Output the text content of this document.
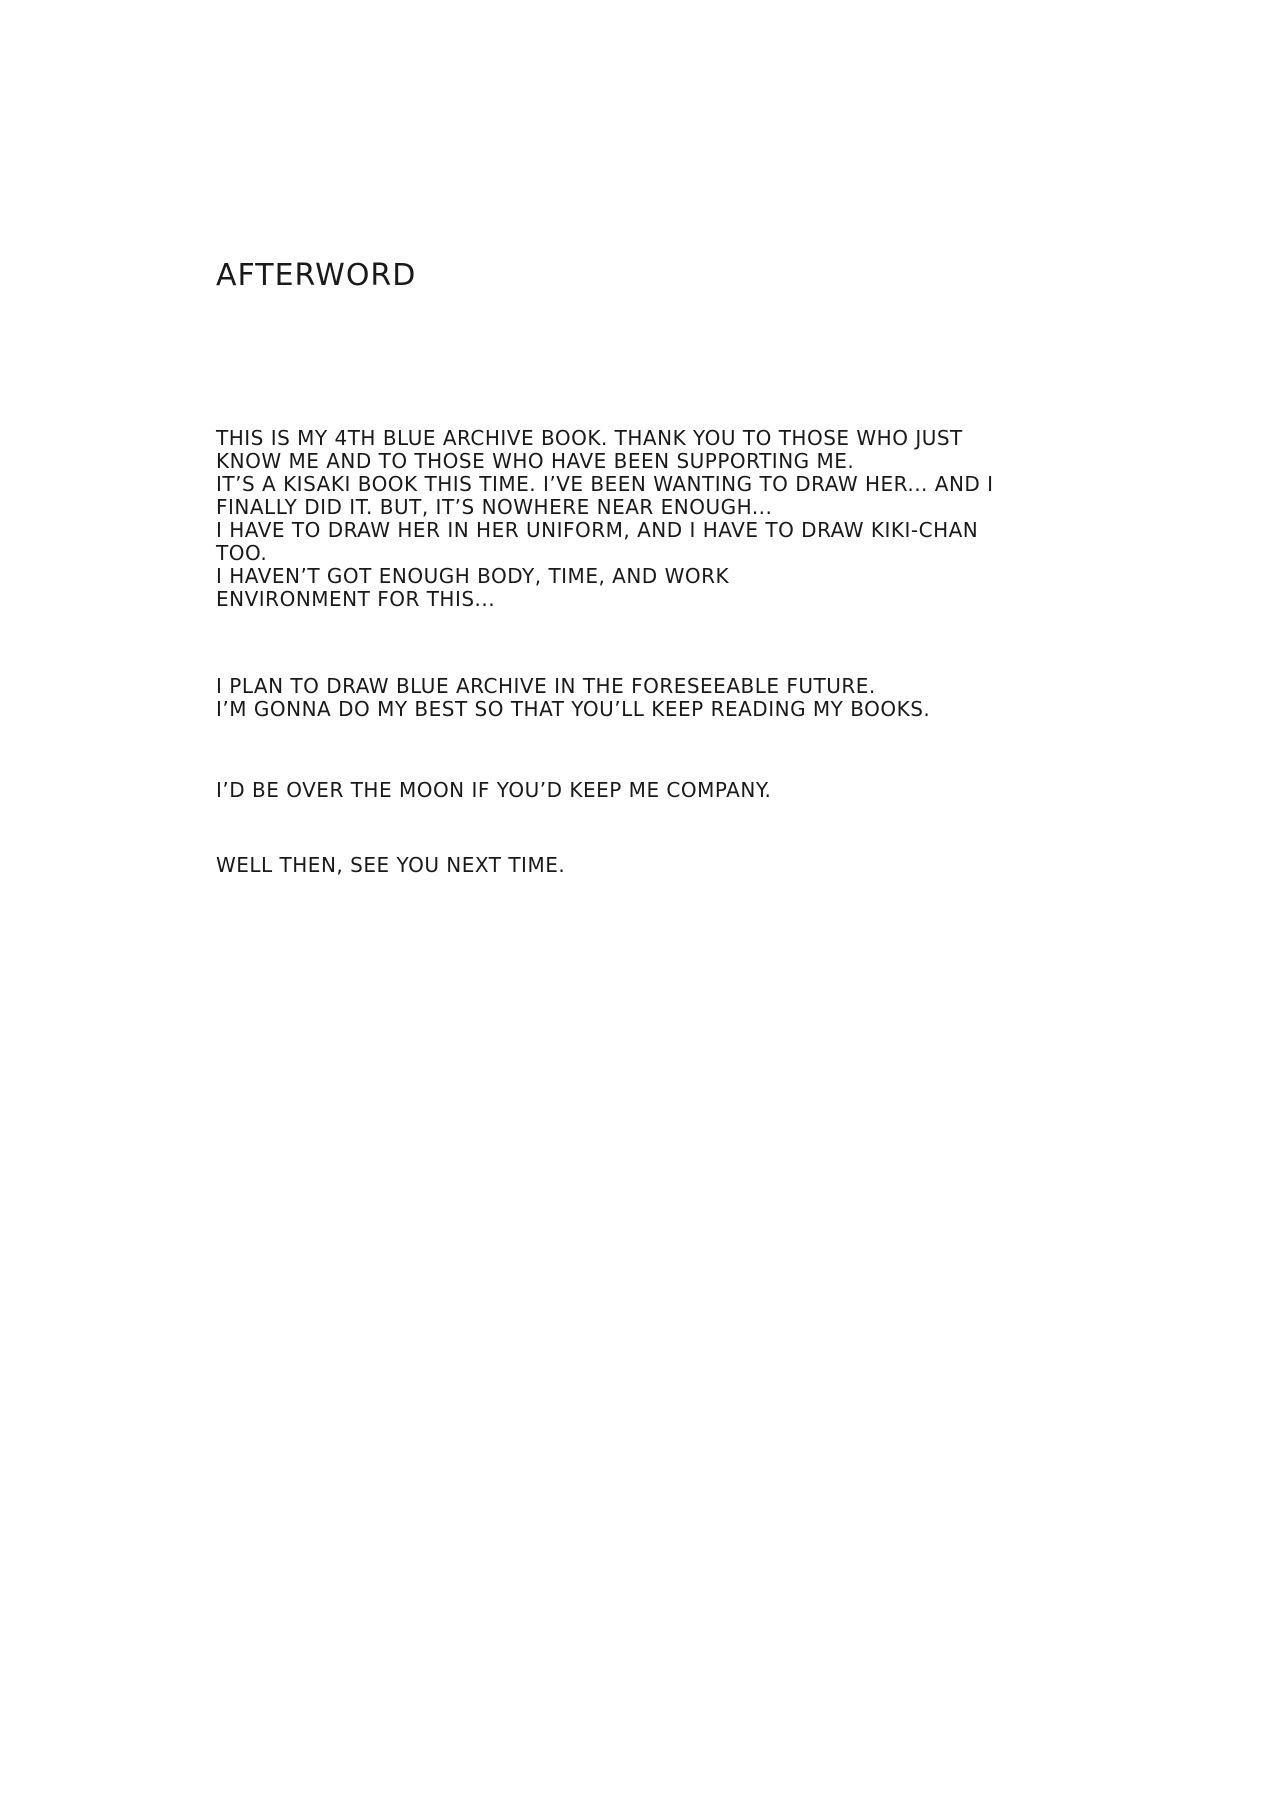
AFTERWORD

THIS IS MY 4TH BLUE ARCHIVE BOOK. THANK YOU TO THOSE WHO JUST
KNOW ME AND TO THOSE WHO HAVE BEEN SUPPORTING ME.
IT’S A KISAKI BOOK THIS TIME. I’VE BEEN WANTING TO DRAW HER... AND I
FINALLY DID IT. BUT, IT’S NOWHERE NEAR ENOUGH...
I HAVE TO DRAW HER IN HER UNIFORM, AND I HAVE TO DRAW KIKI-CHAN
TOO.
I HAVEN’T GOT ENOUGH BODY, TIME, AND WORK
ENVIRONMENT FOR THIS...

I PLAN TO DRAW BLUE ARCHIVE IN THE FORESEEABLE FUTURE.
I’M GONNA DO MY BEST SO THAT YOU’LL KEEP READING MY BOOKS.

I’D BE OVER THE MOON IF YOU’D KEEP ME COMPANY.

WELL THEN, SEE YOU NEXT TIME.
